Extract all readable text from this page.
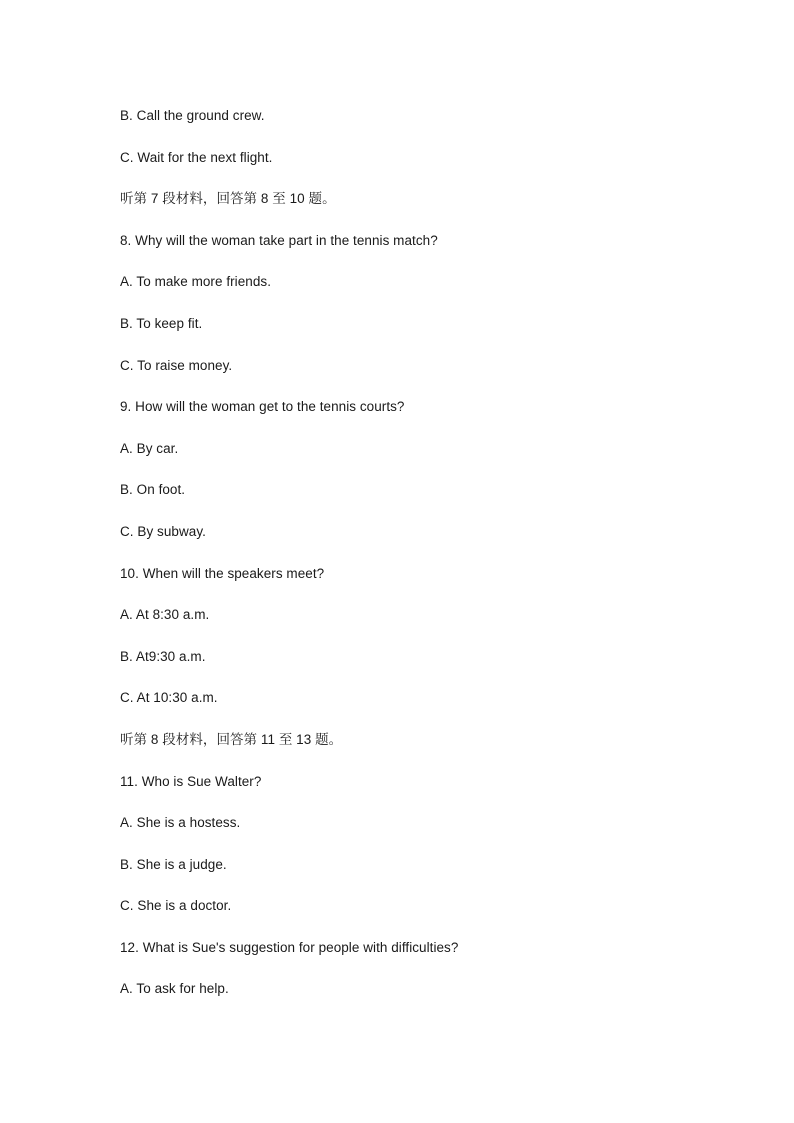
B. Call the ground crew.
C. Wait for the next flight.
听第 7 段材料，回答第 8 至 10 题。
8. Why will the woman take part in the tennis match?
A. To make more friends.
B. To keep fit.
C. To raise money.
9. How will the woman get to the tennis courts?
A. By car.
B. On foot.
C. By subway.
10. When will the speakers meet?
A. At 8:30 a.m.
B. At9:30 a.m.
C. At 10:30 a.m.
听第 8 段材料，回答第 11 至 13 题。
11. Who is Sue Walter?
A. She is a hostess.
B. She is a judge.
C. She is a doctor.
12. What is Sue's suggestion for people with difficulties?
A. To ask for help.
